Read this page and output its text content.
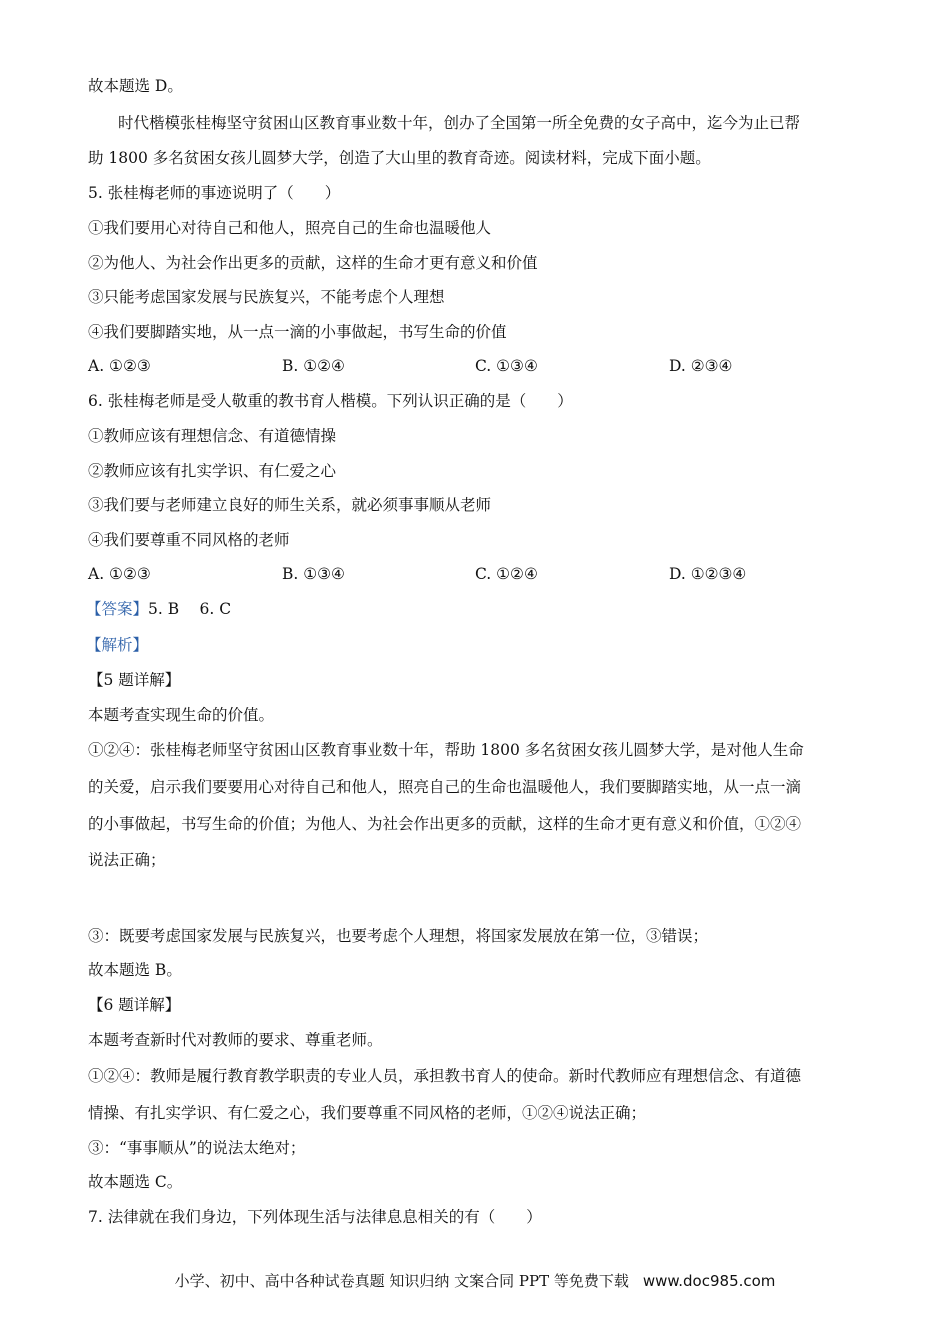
故本题选 D。
时代楷模张桂梅坚守贫困山区教育事业数十年，创办了全国第一所全免费的女子高中，迄今为止已帮
助 1800 多名贫困女孩儿圆梦大学，创造了大山里的教育奇迹。阅读材料，完成下面小题。
5. 张桂梅老师的事迹说明了（　　）
①我们要用心对待自己和他人，照亮自己的生命也温暖他人
②为他人、为社会作出更多的贡献，这样的生命才更有意义和价值
③只能考虑国家发展与民族复兴，不能考虑个人理想
④我们要脚踏实地，从一点一滴的小事做起，书写生命的价值
A. ①②③	B. ①②④	C. ①③④	D. ②③④
6. 张桂梅老师是受人敬重的教书育人楷模。下列认识正确的是（　　）
①教师应该有理想信念、有道德情操
②教师应该有扎实学识、有仁爱之心
③我们要与老师建立良好的师生关系，就必须事事顺从老师
④我们要尊重不同风格的老师
A. ①②③	B. ①③④	C. ①②④	D. ①②③④
【答案】5. B　 6. C
【解析】
【5 题详解】
本题考查实现生命的价值。
①②④：张桂梅老师坚守贫困山区教育事业数十年，帮助 1800 多名贫困女孩儿圆梦大学，是对他人生命
的关爱，启示我们要要用心对待自己和他人，照亮自己的生命也温暖他人，我们要脚踏实地，从一点一滴
的小事做起，书写生命的价值；为他人、为社会作出更多的贡献，这样的生命才更有意义和价值，①②④
说法正确；
③：既要考虑国家发展与民族复兴，也要考虑个人理想，将国家发展放在第一位，③错误；
故本题选 B。
【6 题详解】
本题考查新时代对教师的要求、尊重老师。
①②④：教师是履行教育教学职责的专业人员，承担教书育人的使命。新时代教师应有理想信念、有道德
情操、有扎实学识、有仁爱之心，我们要尊重不同风格的老师，①②④说法正确；
③：“事事顺从”的说法太绝对；
故本题选 C。
7. 法律就在我们身边，下列体现生活与法律息息相关的有（　　）
小学、初中、高中各种试卷真题 知识归纳 文案合同 PPT 等免费下载 www.doc985.com
